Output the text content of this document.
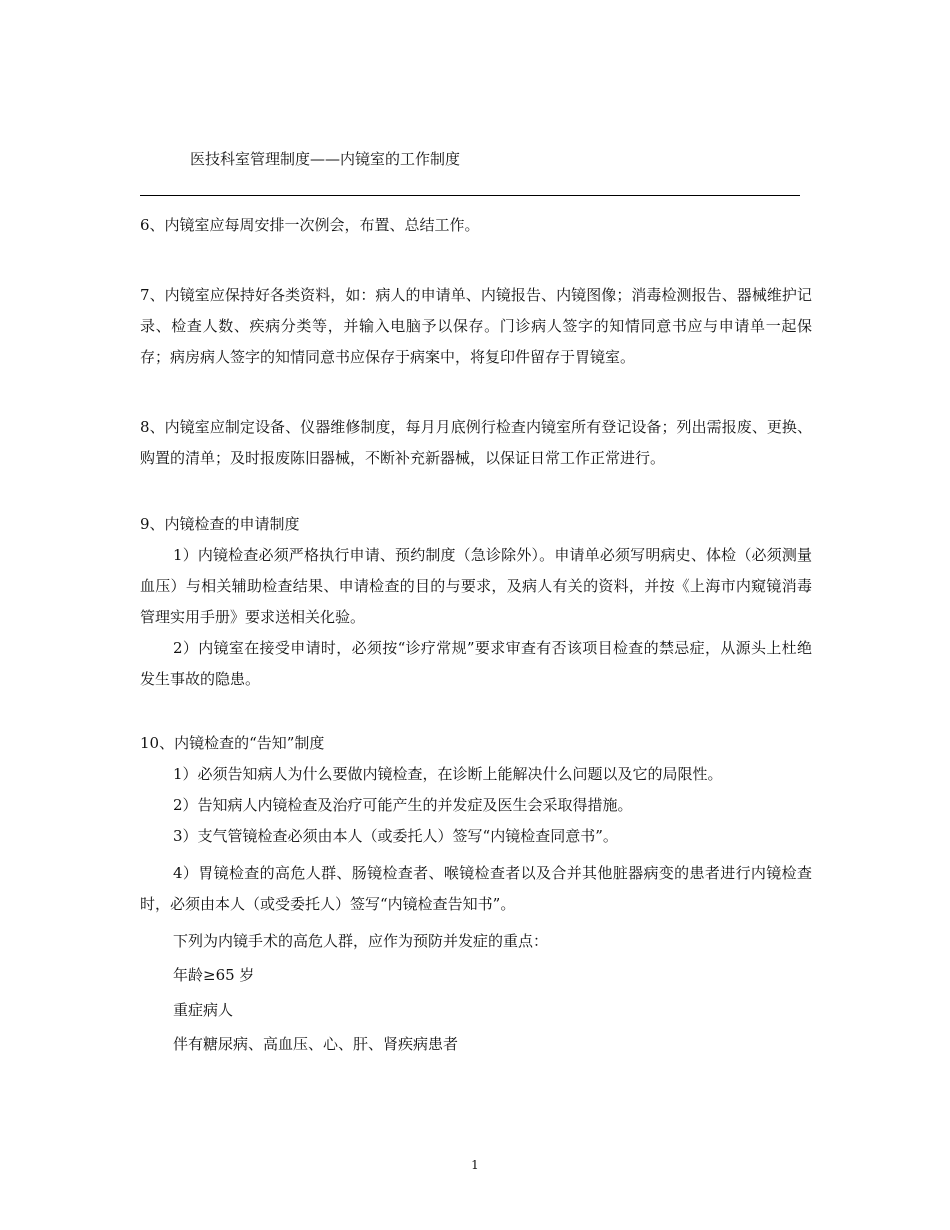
医技科室管理制度——内镜室的工作制度

6、内镜室应每周安排一次例会，布置、总结工作。

7、内镜室应保持好各类资料，如：病人的申请单、内镜报告、内镜图像；消毒检测报告、器械维护记录、检查人数、疾病分类等，并输入电脑予以保存。门诊病人签字的知情同意书应与申请单一起保存；病房病人签字的知情同意书应保存于病案中，将复印件留存于胃镜室。

8、内镜室应制定设备、仪器维修制度，每月月底例行检查内镜室所有登记设备；列出需报废、更换、购置的清单；及时报废陈旧器械，不断补充新器械，以保证日常工作正常进行。

9、内镜检查的申请制度

1）内镜检查必须严格执行申请、预约制度（急诊除外）。申请单必须写明病史、体检（必须测量血压）与相关辅助检查结果、申请检查的目的与要求，及病人有关的资料，并按《上海市内窥镜消毒管理实用手册》要求送相关化验。

2）内镜室在接受申请时，必须按“诊疗常规”要求审查有否该项目检查的禁忌症，从源头上杜绝发生事故的隐患。

10、内镜检查的“告知”制度

1）必须告知病人为什么要做内镜检查，在诊断上能解决什么问题以及它的局限性。

2）告知病人内镜检查及治疗可能产生的并发症及医生会采取得措施。

3）支气管镜检查必须由本人（或委托人）签写“内镜检查同意书”。

4）胃镜检查的高危人群、肠镜检查者、喉镜检查者以及合并其他脏器病变的患者进行内镜检查时，必须由本人（或受委托人）签写“内镜检查告知书”。

下列为内镜手术的高危人群，应作为预防并发症的重点：

年龄≥65 岁

重症病人

伴有糖尿病、高血压、心、肝、肾疾病患者

1
